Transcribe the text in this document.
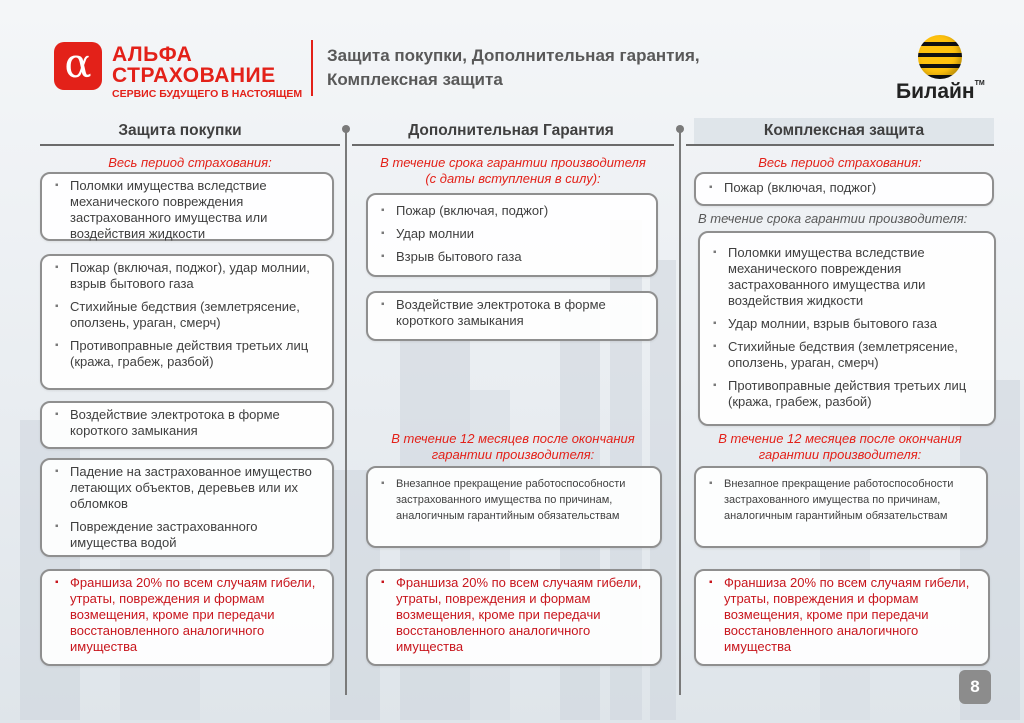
α АЛЬФА
СТРАХОВАНИЕ
СЕРВИС БУДУЩЕГО В НАСТОЯЩЕМ
Защита покупки, Дополнительная гарантия,
Комплексная защита
Билайн™
Защита покупки	Дополнительная Гарантия	Комплексная защита
Весь период страхования:
▪ Поломки имущества вследствие механического повреждения застрахованного имущества или воздействия жидкости
▪ Пожар (включая, поджог), удар молнии, взрыв бытового газа
▪ Стихийные бедствия (землетрясение, оползень, ураган, смерч)
▪ Противоправные действия третьих лиц (кража, грабеж, разбой)
▪ Воздействие электротока в форме короткого замыкания
▪ Падение на застрахованное имущество летающих объектов, деревьев или их обломков
▪ Повреждение застрахованного имущества водой
▪ Франшиза 20% по всем случаям гибели, утраты, повреждения и формам возмещения, кроме при передачи восстановленного аналогичного имущества
В течение срока гарантии производителя
(с даты вступления в силу):
▪ Пожар (включая, поджог)
▪ Удар молнии
▪ Взрыв бытового газа
▪ Воздействие электротока в форме короткого замыкания
В течение 12 месяцев после окончания
гарантии производителя:
▪ Внезапное прекращение работоспособности застрахованного имущества по причинам, аналогичным гарантийным обязательствам
▪ Франшиза 20% по всем случаям гибели, утраты, повреждения и формам возмещения, кроме при передачи восстановленного аналогичного имущества
Весь период страхования:
▪ Пожар (включая, поджог)
В течение срока гарантии производителя:
▪ Поломки имущества вследствие механического повреждения застрахованного имущества или воздействия жидкости
▪ Удар молнии, взрыв бытового газа
▪ Стихийные бедствия (землетрясение, оползень, ураган, смерч)
▪ Противоправные действия третьих лиц (кража, грабеж, разбой)
В течение 12 месяцев после окончания
гарантии производителя:
▪ Внезапное прекращение работоспособности застрахованного имущества по причинам, аналогичным гарантийным обязательствам
▪ Франшиза 20% по всем случаям гибели, утраты, повреждения и формам возмещения, кроме при передачи восстановленного аналогичного имущества
8
